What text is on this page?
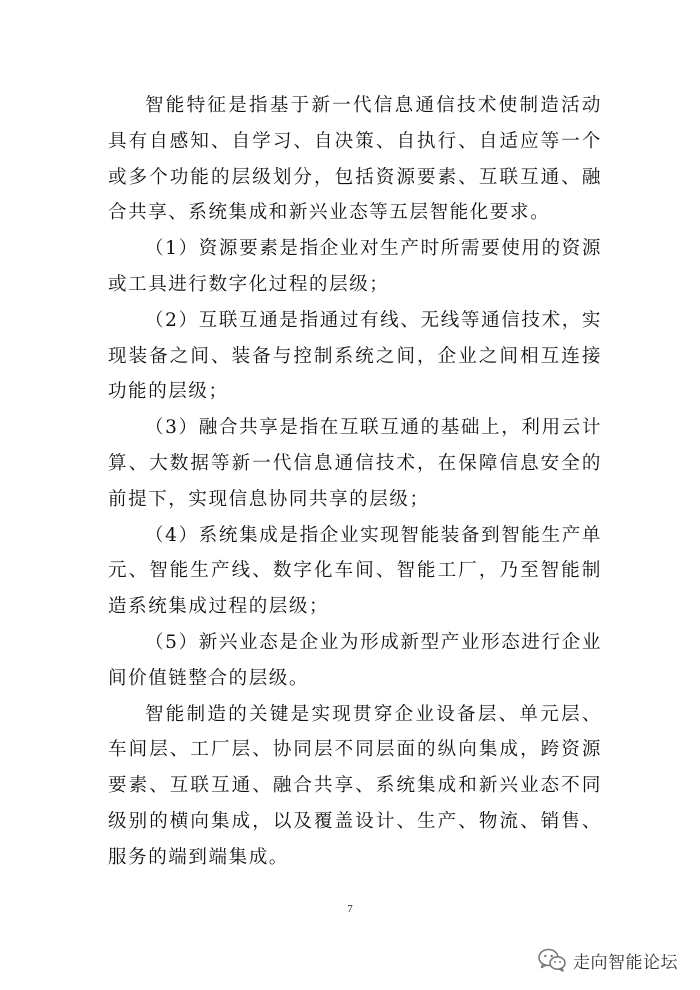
智能特征是指基于新一代信息通信技术使制造活动具有自感知、自学习、自决策、自执行、自适应等一个或多个功能的层级划分，包括资源要素、互联互通、融合共享、系统集成和新兴业态等五层智能化要求。

（1）资源要素是指企业对生产时所需要使用的资源或工具进行数字化过程的层级；

（2）互联互通是指通过有线、无线等通信技术，实现装备之间、装备与控制系统之间，企业之间相互连接功能的层级；

（3）融合共享是指在互联互通的基础上，利用云计算、大数据等新一代信息通信技术，在保障信息安全的前提下，实现信息协同共享的层级；

（4）系统集成是指企业实现智能装备到智能生产单元、智能生产线、数字化车间、智能工厂，乃至智能制造系统集成过程的层级；

（5）新兴业态是企业为形成新型产业形态进行企业间价值链整合的层级。

智能制造的关键是实现贯穿企业设备层、单元层、车间层、工厂层、协同层不同层面的纵向集成，跨资源要素、互联互通、融合共享、系统集成和新兴业态不同级别的横向集成，以及覆盖设计、生产、物流、销售、服务的端到端集成。

7
走向智能论坛
